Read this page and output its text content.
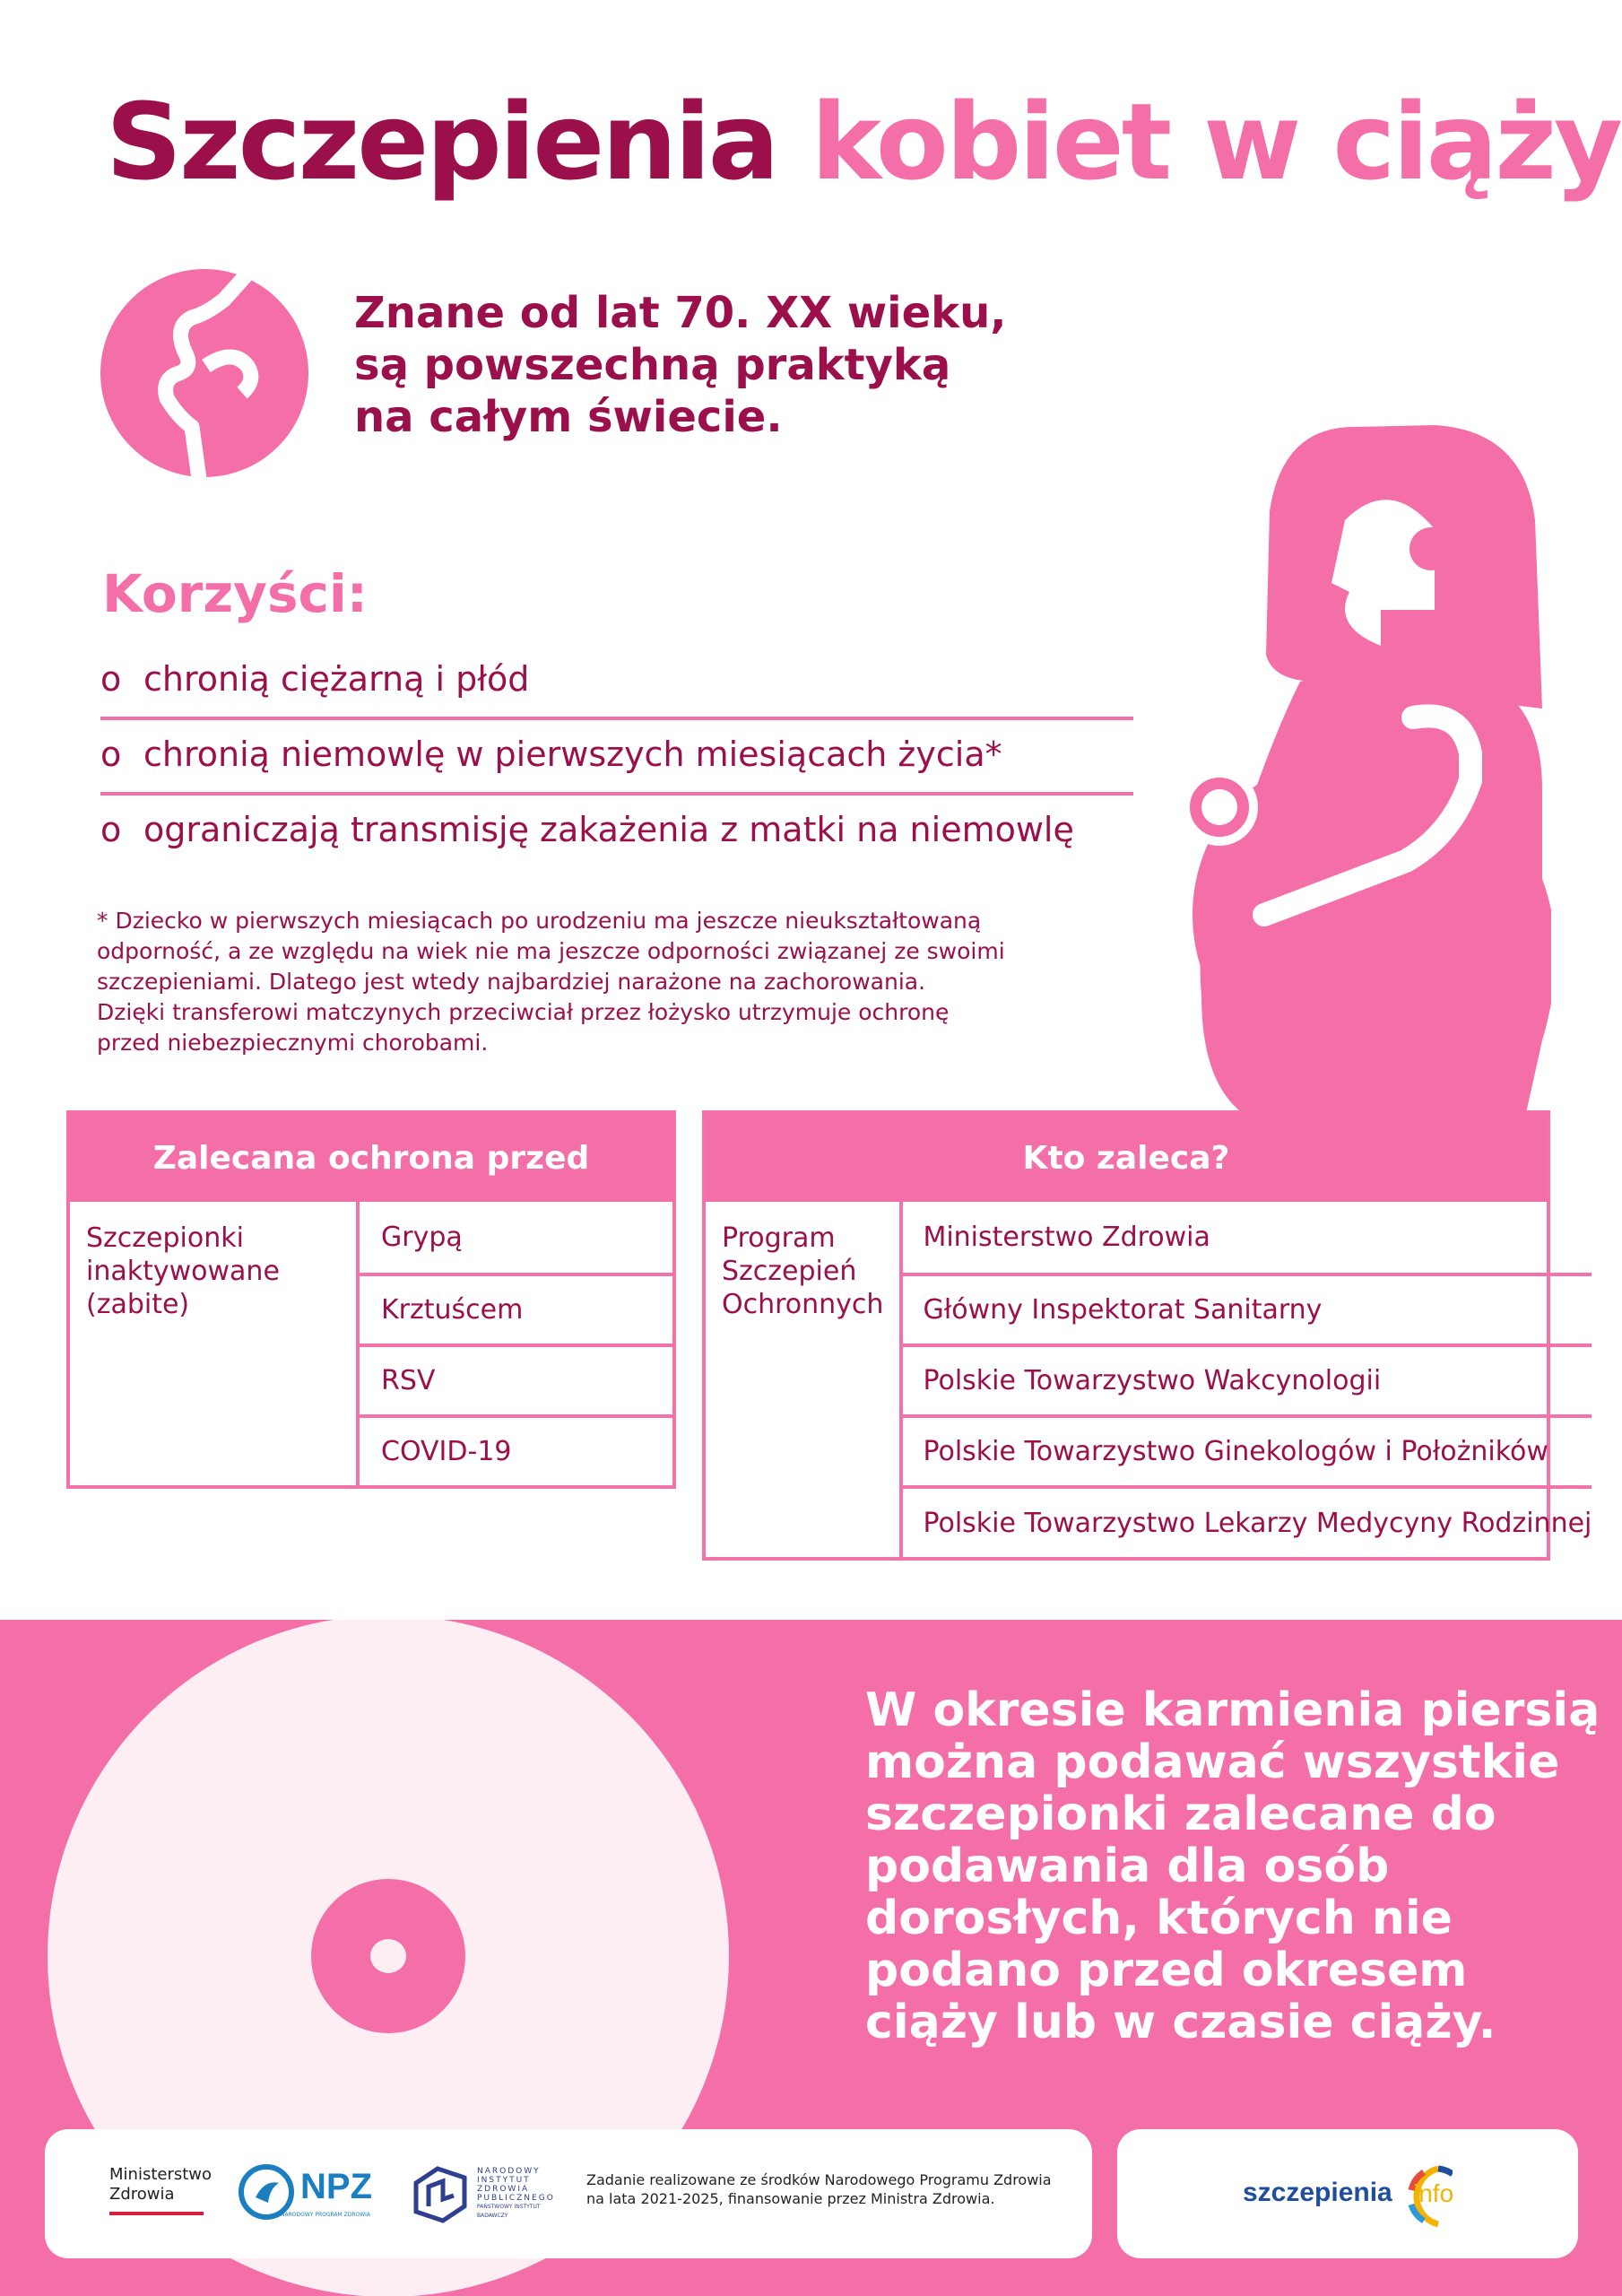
Szczepienia kobiet w ciąży
Znane od lat 70. XX wieku,
są powszechną praktyką
na całym świecie.
Korzyści:
o chronią ciężarną i płód
o chronią niemowlę w pierwszych miesiącach życia*
o ograniczają transmisję zakażenia z matki na niemowlę
* Dziecko w pierwszych miesiącach po urodzeniu ma jeszcze nieukształtowaną
odporność, a ze względu na wiek nie ma jeszcze odporności związanej ze swoimi
szczepieniami. Dlatego jest wtedy najbardziej narażone na zachorowania.
Dzięki transferowi matczynych przeciwciał przez łożysko utrzymuje ochronę
przed niebezpiecznymi chorobami.
Zalecana ochrona przed
Szczepionki
inaktywowane
(zabite)
Grypą
Krztuścem
RSV
COVID-19
Kto zaleca?
Program
Szczepień
Ochronnych
Ministerstwo Zdrowia
Główny Inspektorat Sanitarny
Polskie Towarzystwo Wakcynologii
Polskie Towarzystwo Ginekologów i Położników
Polskie Towarzystwo Lekarzy Medycyny Rodzinnej
W okresie karmienia piersią
można podawać wszystkie
szczepionki zalecane do
podawania dla osób
dorosłych, których nie
podano przed okresem
ciąży lub w czasie ciąży.
Ministerstwo
Zdrowia	NPZ
NARODOWY PROGRAM ZDROWIA
NARODOWY
INSTYTUT
ZDROWIA
PUBLICZNEGO
PAŃSTWOWY INSTYTUT
BADAWCZY
Zadanie realizowane ze środków Narodowego Programu Zdrowia
na lata 2021-2025, finansowanie przez Ministra Zdrowia.	szczepienia info
